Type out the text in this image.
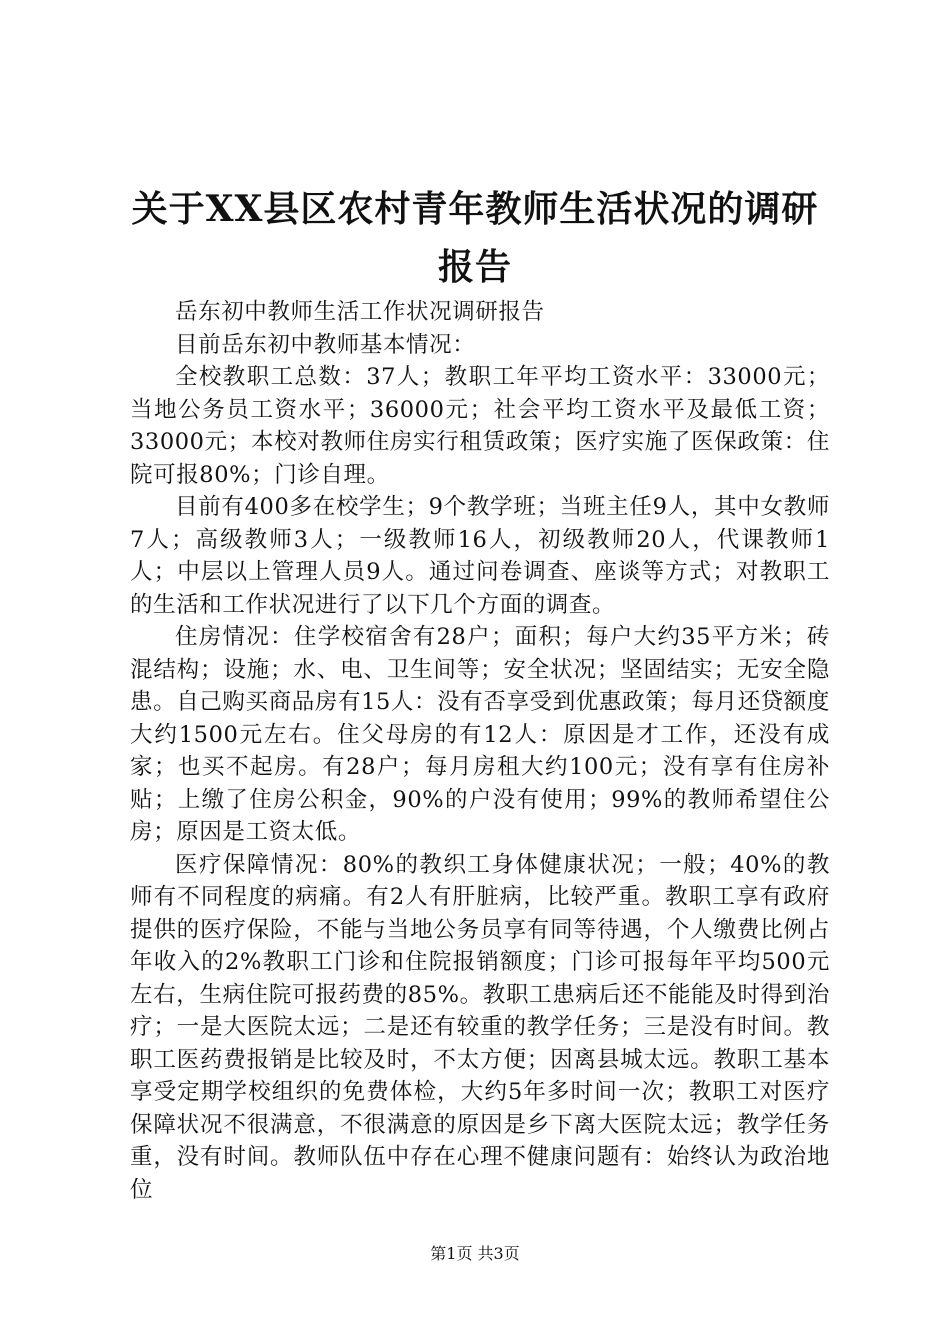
关于XX县区农村青年教师生活状况的调研报告

岳东初中教师生活工作状况调研报告

目前岳东初中教师基本情况：

全校教职工总数：37人；教职工年平均工资水平：33000元；当地公务员工资水平；36000元；社会平均工资水平及最低工资；33000元；本校对教师住房实行租赁政策；医疗实施了医保政策：住院可报80%；门诊自理。

目前有400多在校学生；9个教学班；当班主任9人，其中女教师7人；高级教师3人；一级教师16人，初级教师20人，代课教师1人；中层以上管理人员9人。通过问卷调查、座谈等方式；对教职工的生活和工作状况进行了以下几个方面的调查。

住房情况：住学校宿舍有28户；面积；每户大约35平方米；砖混结构；设施；水、电、卫生间等；安全状况；坚固结实；无安全隐患。自己购买商品房有15人：没有否享受到优惠政策；每月还贷额度大约1500元左右。住父母房的有12人：原因是才工作，还没有成家；也买不起房。有28户；每月房租大约100元；没有享有住房补贴；上缴了住房公积金，90%的户没有使用；99%的教师希望住公房；原因是工资太低。

医疗保障情况：80%的教织工身体健康状况；一般；40%的教师有不同程度的病痛。有2人有肝脏病，比较严重。教职工享有政府提供的医疗保险，不能与当地公务员享有同等待遇，个人缴费比例占年收入的2%教职工门诊和住院报销额度；门诊可报每年平均500元左右，生病住院可报药费的85%。教职工患病后还不能能及时得到治疗；一是大医院太远；二是还有较重的教学任务；三是没有时间。教职工医药费报销是比较及时，不太方便；因离县城太远。教职工基本享受定期学校组织的免费体检，大约5年多时间一次；教职工对医疗保障状况不很满意，不很满意的原因是乡下离大医院太远；教学任务重，没有时间。教师队伍中存在心理不健康问题有：始终认为政治地位

第1页 共3页
